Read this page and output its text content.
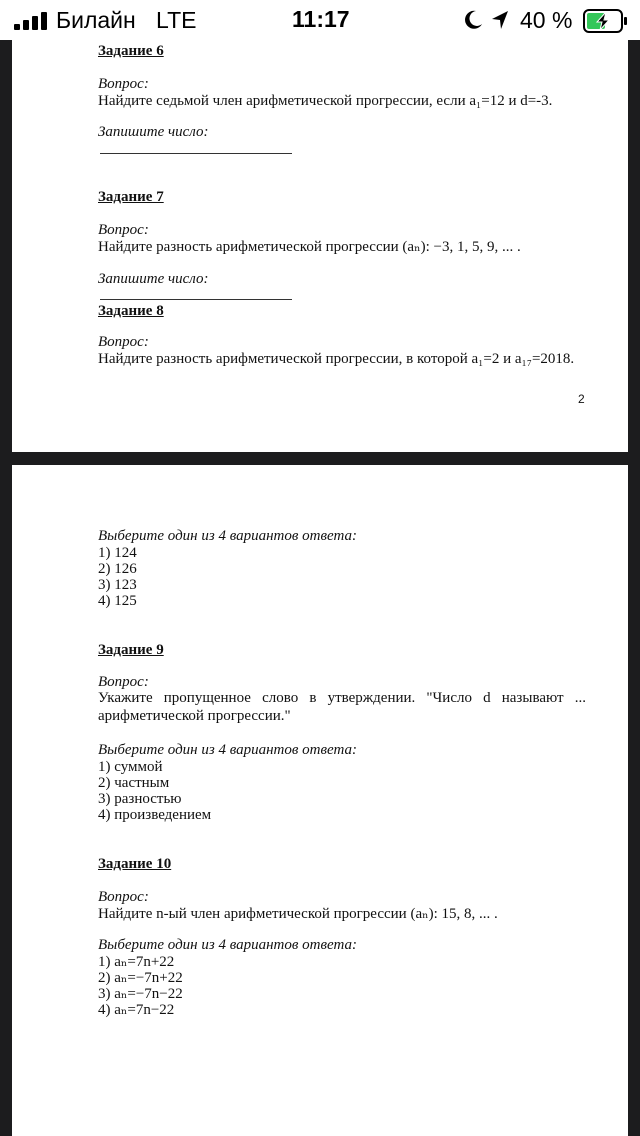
Билайн LTE	11:17	40 %
Задание 6
Вопрос:
Найдите седьмой член арифметической прогрессии, если a₁=12 и d=-3.
Запишите число:
Задание 7
Вопрос:
Найдите разность арифметической прогрессии (aₙ): −3, 1, 5, 9, ... .
Запишите число:
Задание 8
Вопрос:
Найдите разность арифметической прогрессии, в которой a₁=2 и a₁₇=2018.
2
Выберите один из 4 вариантов ответа:
1) 124
2) 126
3) 123
4) 125
Задание 9
Вопрос:
Укажите пропущенное слово в утверждении. "Число d называют ...
арифметической прогрессии."
Выберите один из 4 вариантов ответа:
1) суммой
2) частным
3) разностью
4) произведением
Задание 10
Вопрос:
Найдите n-ый член арифметической прогрессии (aₙ): 15, 8, ... .
Выберите один из 4 вариантов ответа:
1) aₙ=7n+22
2) aₙ=−7n+22
3) aₙ=−7n−22
4) aₙ=7n−22
